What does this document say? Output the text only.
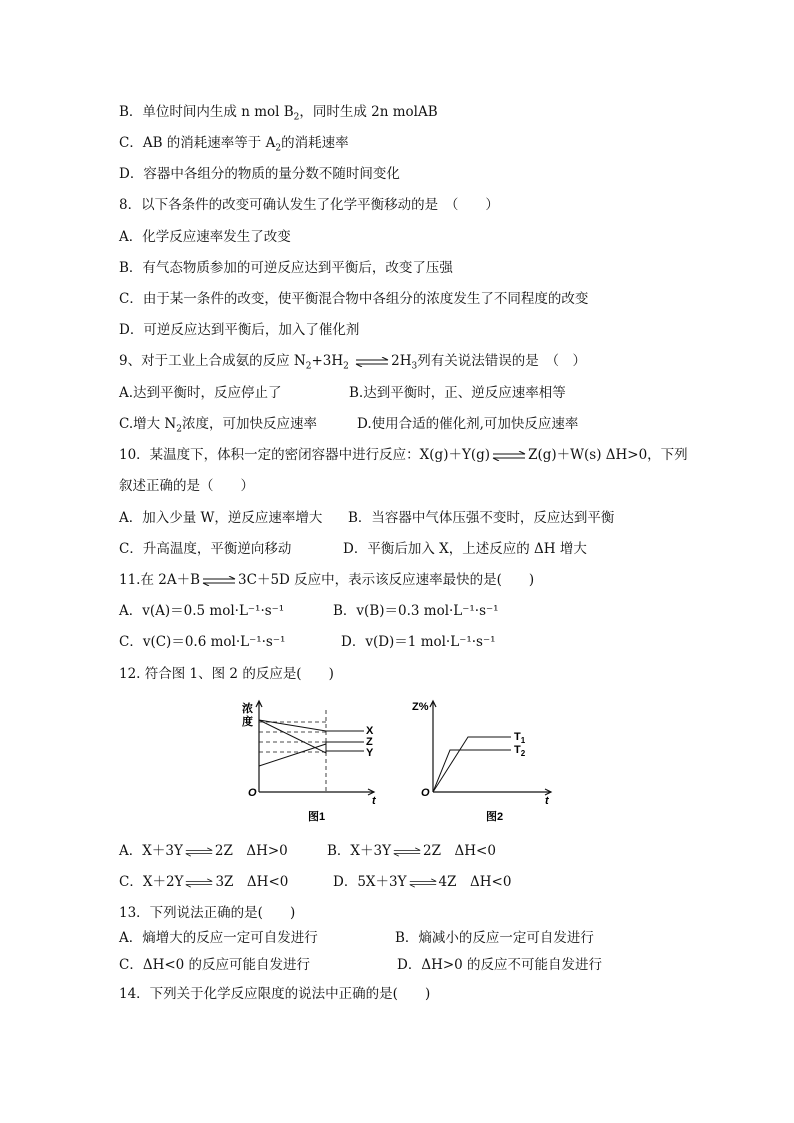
B．单位时间内生成 n mol $B_2$，同时生成 2n molAB
C．AB 的消耗速率等于 $A_2$的消耗速率
D．容器中各组分的物质的量分数不随时间变化
8．以下各条件的改变可确认发生了化学平衡移动的是　（　　）
A．化学反应速率发生了改变
B．有气态物质参加的可逆反应达到平衡后，改变了压强
C．由于某一条件的改变，使平衡混合物中各组分的浓度发生了不同程度的改变
D．可逆反应达到平衡后，加入了催化剂
9、对于工业上合成氨的反应 $N_2+3H_2$ ⇌ $2H_3$列有关说法错误的是　（　）
A.达到平衡时，反应停止了	B.达到平衡时，正、逆反应速率相等
C.增大 $N_2$浓度，可加快反应速率	D.使用合适的催化剂,可加快反应速率
10．某温度下，体积一定的密闭容器中进行反应：X(g)＋Y(g) ⇌ Z(g)＋W(s) ΔH>0，下列
叙述正确的是（　　）
A．加入少量 W，逆反应速率增大 B．当容器中气体压强不变时，反应达到平衡
C．升高温度，平衡逆向移动	D．平衡后加入 X，上述反应的 ΔH 增大
11.在 2A＋B ⇌ 3C＋5D 反应中，表示该反应速率最快的是(　　)
A．v(A)＝0.5 mol·L⁻¹·s⁻¹	B．v(B)＝0.3 mol·L⁻¹·s⁻¹
C．v(C)＝0.6 mol·L⁻¹·s⁻¹	D．v(D)＝1 mol·L⁻¹·s⁻¹
12. 符合图 1、图 2 的反应是(　　)
浓
度
O
t
X
Z
Y
图1
Z%
O
t
$T_1$
$T_2$
图2
A．X＋3Y ⇌ 2Z　ΔH>0	B．X＋3Y ⇌ 2Z　ΔH<0
C．X＋2Y ⇌ 3Z　ΔH<0	D．5X＋3Y ⇌ 4Z　ΔH<0
13．下列说法正确的是(　　)
A．熵增大的反应一定可自发进行	B．熵减小的反应一定可自发进行
C．ΔH<0 的反应可能自发进行	D．ΔH>0 的反应不可能自发进行
14．下列关于化学反应限度的说法中正确的是(　　)
